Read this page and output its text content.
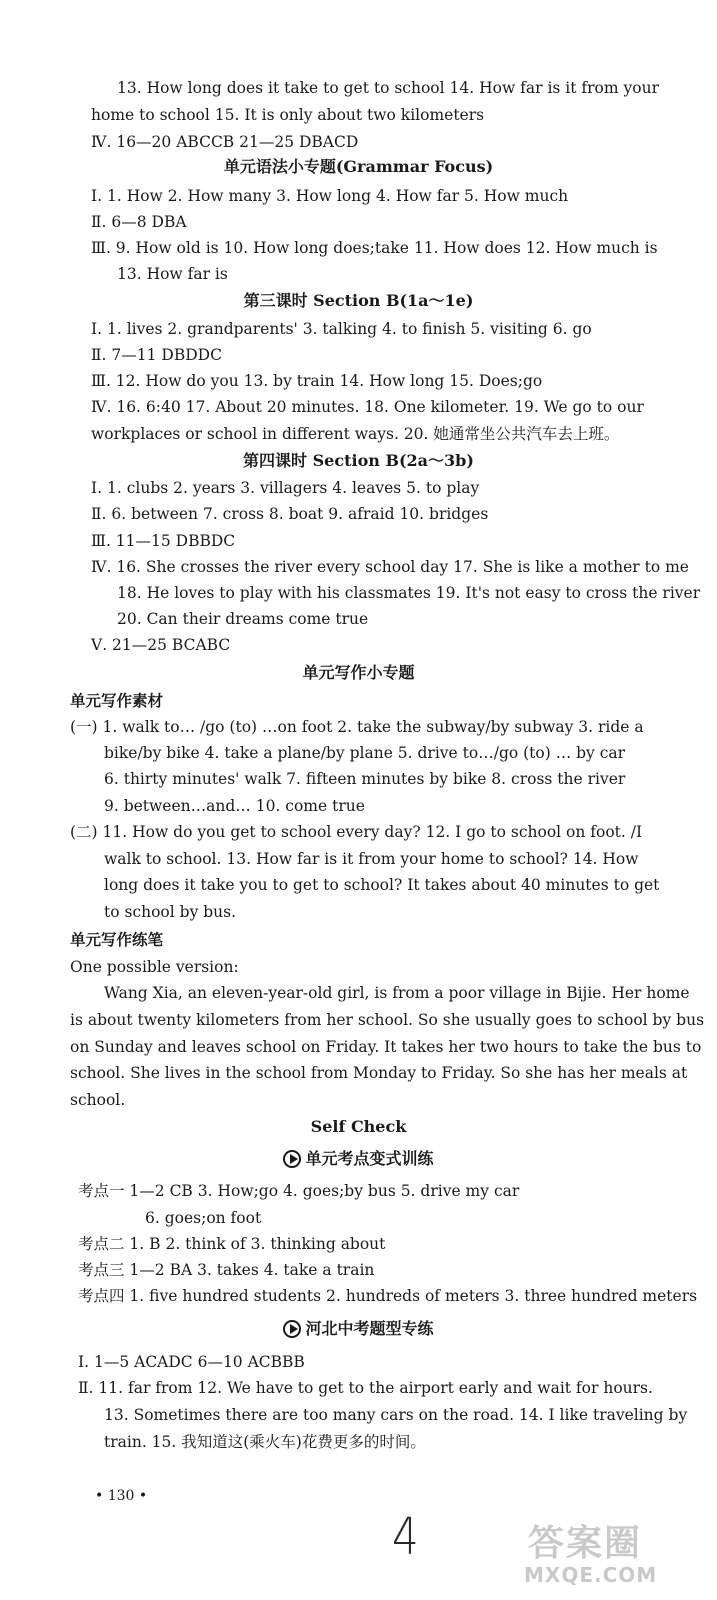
13. How long does it take to get to school 14. How far is it from your
home to school 15. It is only about two kilometers
Ⅳ. 16—20 ABCCB 21—25 DBACD
单元语法小专题(Grammar Focus)
Ⅰ. 1. How 2. How many 3. How long 4. How far 5. How much
Ⅱ. 6—8 DBA
Ⅲ. 9. How old is 10. How long does;take 11. How does 12. How much is
13. How far is
第三课时 Section B(1a～1e)
Ⅰ. 1. lives 2. grandparents' 3. talking 4. to finish 5. visiting 6. go
Ⅱ. 7—11 DBDDC
Ⅲ. 12. How do you 13. by train 14. How long 15. Does;go
Ⅳ. 16. 6:40 17. About 20 minutes. 18. One kilometer. 19. We go to our
workplaces or school in different ways. 20. 她通常坐公共汽车去上班。
第四课时 Section B(2a～3b)
Ⅰ. 1. clubs 2. years 3. villagers 4. leaves 5. to play
Ⅱ. 6. between 7. cross 8. boat 9. afraid 10. bridges
Ⅲ. 11—15 DBBDC
Ⅳ. 16. She crosses the river every school day 17. She is like a mother to me
18. He loves to play with his classmates 19. It's not easy to cross the river
20. Can their dreams come true
Ⅴ. 21—25 BCABC
单元写作小专题
单元写作素材
(一) 1. walk to… /go (to) …on foot 2. take the subway/by subway 3. ride a
bike/by bike 4. take a plane/by plane 5. drive to…/go (to) … by car
6. thirty minutes' walk 7. fifteen minutes by bike 8. cross the river
9. between…and… 10. come true
(二) 11. How do you get to school every day? 12. I go to school on foot. /I
walk to school. 13. How far is it from your home to school? 14. How
long does it take you to get to school? It takes about 40 minutes to get
to school by bus.
单元写作练笔
One possible version:
Wang Xia, an eleven-year-old girl, is from a poor village in Bijie. Her home
is about twenty kilometers from her school. So she usually goes to school by bus
on Sunday and leaves school on Friday. It takes her two hours to take the bus to
school. She lives in the school from Monday to Friday. So she has her meals at
school.
Self Check
单元考点变式训练
考点一 1—2 CB 3. How;go 4. goes;by bus 5. drive my car
6. goes;on foot
考点二 1. B 2. think of 3. thinking about
考点三 1—2 BA 3. takes 4. take a train
考点四 1. five hundred students 2. hundreds of meters 3. three hundred meters
河北中考题型专练
Ⅰ. 1—5 ACADC 6—10 ACBBB
Ⅱ. 11. far from 12. We have to get to the airport early and wait for hours.
13. Sometimes there are too many cars on the road. 14. I like traveling by
train. 15. 我知道这(乘火车)花费更多的时间。
• 130 •
4	答案圈
MXQE.COM
